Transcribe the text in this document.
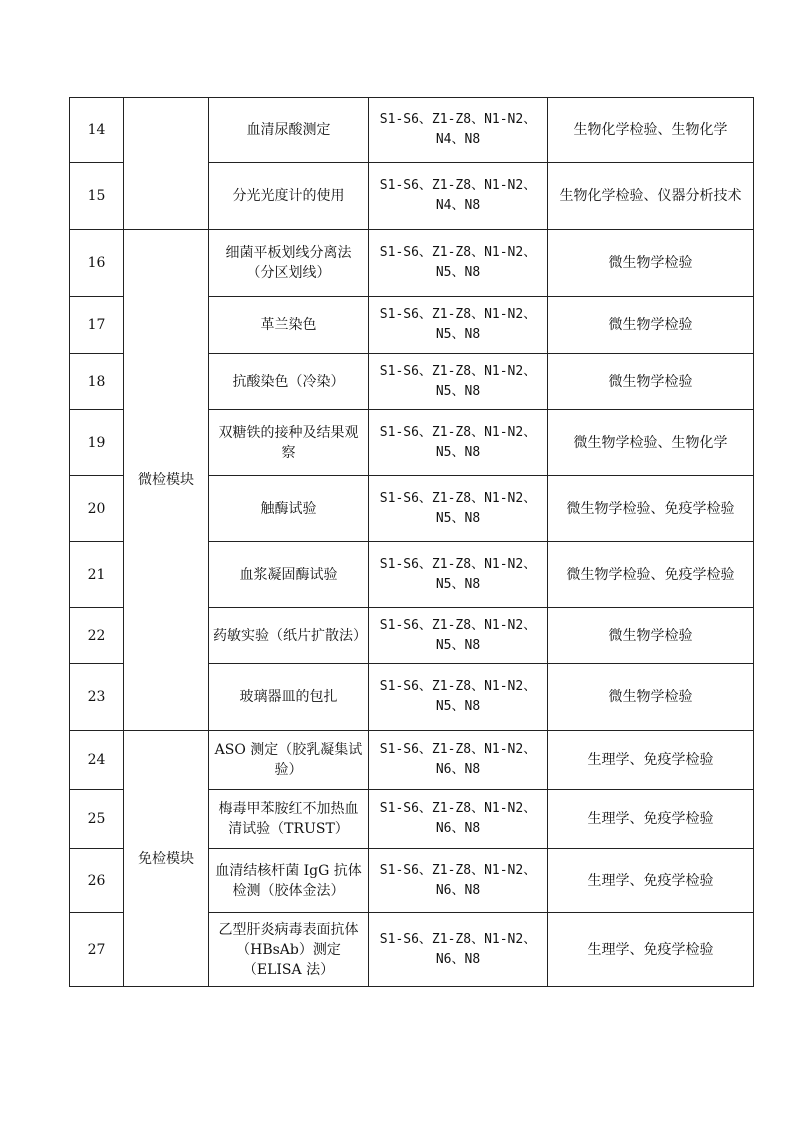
14		血清尿酸测定	S1-S6、Z1-Z8、N1-N2、N4、N8	生物化学检验、生物化学
15		分光光度计的使用	S1-S6、Z1-Z8、N1-N2、N4、N8	生物化学检验、仪器分析技术
16	微检模块	细菌平板划线分离法（分区划线）	S1-S6、Z1-Z8、N1-N2、N5、N8	微生物学检验
17		革兰染色	S1-S6、Z1-Z8、N1-N2、N5、N8	微生物学检验
18		抗酸染色（冷染）	S1-S6、Z1-Z8、N1-N2、N5、N8	微生物学检验
19		双糖铁的接种及结果观察	S1-S6、Z1-Z8、N1-N2、N5、N8	微生物学检验、生物化学
20		触酶试验	S1-S6、Z1-Z8、N1-N2、N5、N8	微生物学检验、免疫学检验
21		血浆凝固酶试验	S1-S6、Z1-Z8、N1-N2、N5、N8	微生物学检验、免疫学检验
22		药敏实验（纸片扩散法）	S1-S6、Z1-Z8、N1-N2、N5、N8	微生物学检验
23		玻璃器皿的包扎	S1-S6、Z1-Z8、N1-N2、N5、N8	微生物学检验
24	免检模块	ASO 测定（胶乳凝集试验）	S1-S6、Z1-Z8、N1-N2、N6、N8	生理学、免疫学检验
25		梅毒甲苯胺红不加热血清试验（TRUST）	S1-S6、Z1-Z8、N1-N2、N6、N8	生理学、免疫学检验
26		血清结核杆菌 IgG 抗体检测（胶体金法）	S1-S6、Z1-Z8、N1-N2、N6、N8	生理学、免疫学检验
27		乙型肝炎病毒表面抗体（HBsAb）测定（ELISA 法）	S1-S6、Z1-Z8、N1-N2、N6、N8	生理学、免疫学检验
